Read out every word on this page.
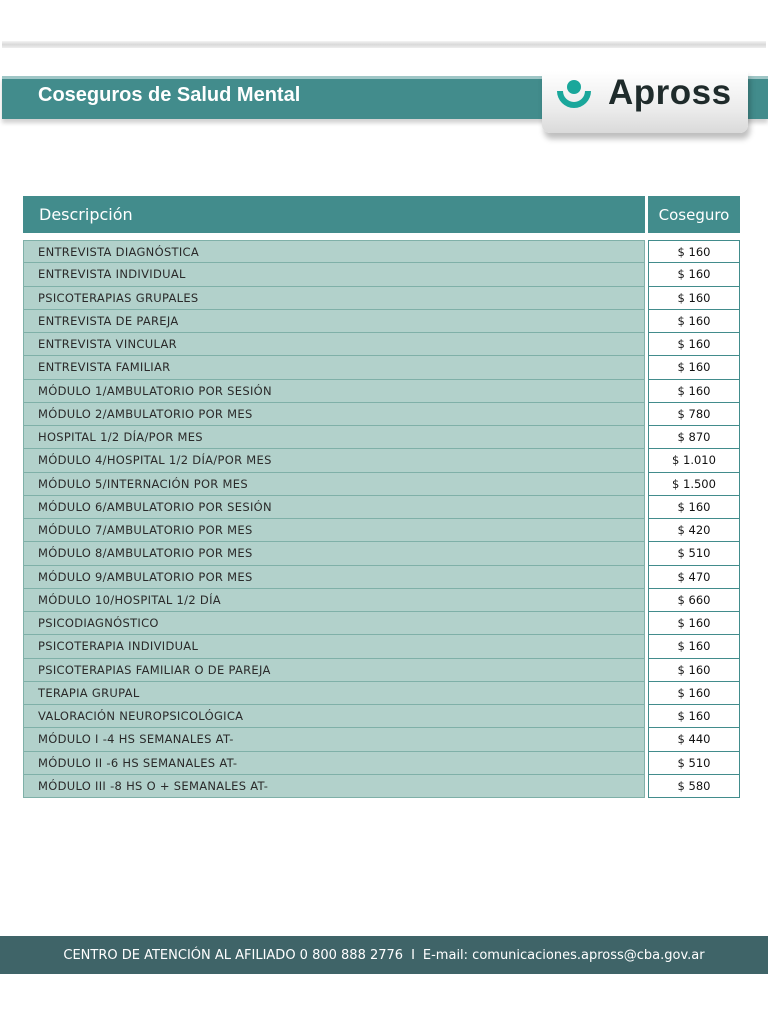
Coseguros de Salud Mental	Apross
Descripción	Coseguro
ENTREVISTA DIAGNÓSTICA	$ 160
ENTREVISTA INDIVIDUAL	$ 160
PSICOTERAPIAS GRUPALES	$ 160
ENTREVISTA DE PAREJA	$ 160
ENTREVISTA VINCULAR	$ 160
ENTREVISTA FAMILIAR	$ 160
MÓDULO 1/AMBULATORIO POR SESIÓN	$ 160
MÓDULO 2/AMBULATORIO POR MES	$ 780
HOSPITAL 1/2 DÍA/POR MES	$ 870
MÓDULO 4/HOSPITAL 1/2 DÍA/POR MES	$ 1.010
MÓDULO 5/INTERNACIÓN POR MES	$ 1.500
MÓDULO 6/AMBULATORIO POR SESIÓN	$ 160
MÓDULO 7/AMBULATORIO POR MES	$ 420
MÓDULO 8/AMBULATORIO POR MES	$ 510
MÓDULO 9/AMBULATORIO POR MES	$ 470
MÓDULO 10/HOSPITAL 1/2 DÍA	$ 660
PSICODIAGNÓSTICO	$ 160
PSICOTERAPIA INDIVIDUAL	$ 160
PSICOTERAPIAS FAMILIAR O DE PAREJA	$ 160
TERAPIA GRUPAL	$ 160
VALORACIÓN NEUROPSICOLÓGICA	$ 160
MÓDULO I -4 HS SEMANALES AT-	$ 440
MÓDULO II -6 HS SEMANALES AT-	$ 510
MÓDULO III -8 HS O + SEMANALES AT-	$ 580
CENTRO DE ATENCIÓN AL AFILIADO 0 800 888 2776 I E-mail: comunicaciones.apross@cba.gov.ar
